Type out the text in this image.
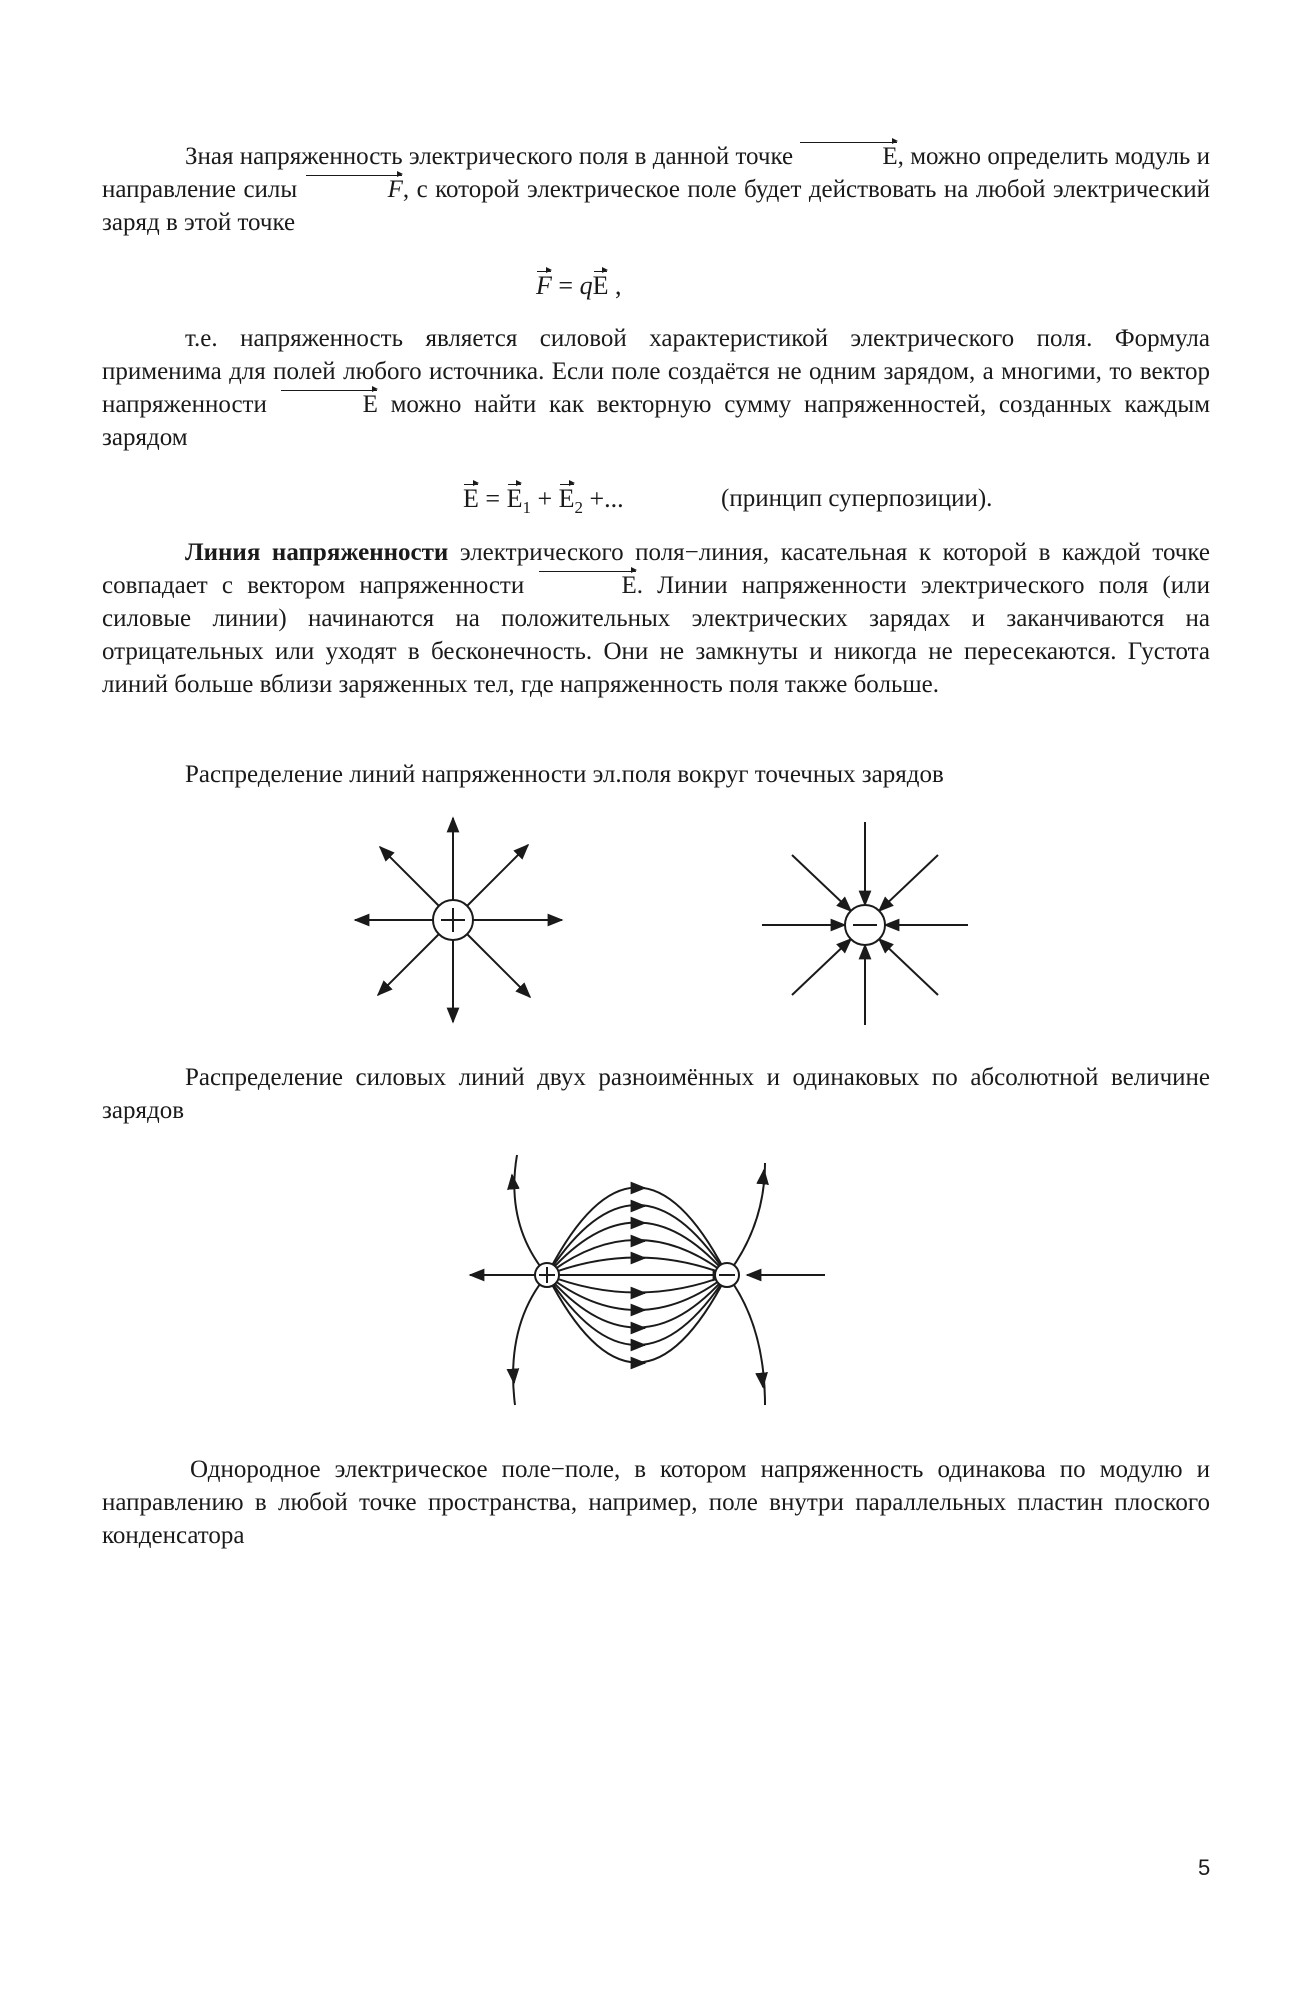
Зная напряженность электрического поля в данной точке	E, можно определить модуль и направление силы	F, с которой электрическое поле будет действовать на любой электрический заряд в этой точке

F = qE ,

т.е. напряженность является силовой характеристикой электрического поля. Формула применима для полей любого источника. Если поле создаётся не одним зарядом, а многими, то вектор напряженности	E можно найти как векторную сумму напряженностей, созданных каждым зарядом

$E = E_1 + E_2$ +...	(принцип суперпозиции).

Линия напряженности электрического поля−линия, касательная к которой в каждой точке совпадает с вектором напряженности	E. Линии напряженности электрического поля (или силовые линии) начинаются на положительных электрических зарядах и заканчиваются на отрицательных или уходят в бесконечность. Они не замкнуты и никогда не пересекаются. Густота линий больше вблизи заряженных тел, где напряженность поля также больше.

Распределение линий напряженности эл.поля вокруг точечных зарядов

Распределение силовых линий двух разноимённых и одинаковых по абсолютной величине зарядов

Однородное электрическое поле−поле, в котором напряженность одинакова по модулю и направлению в любой точке пространства, например, поле внутри параллельных пластин плоского конденсатора

5
